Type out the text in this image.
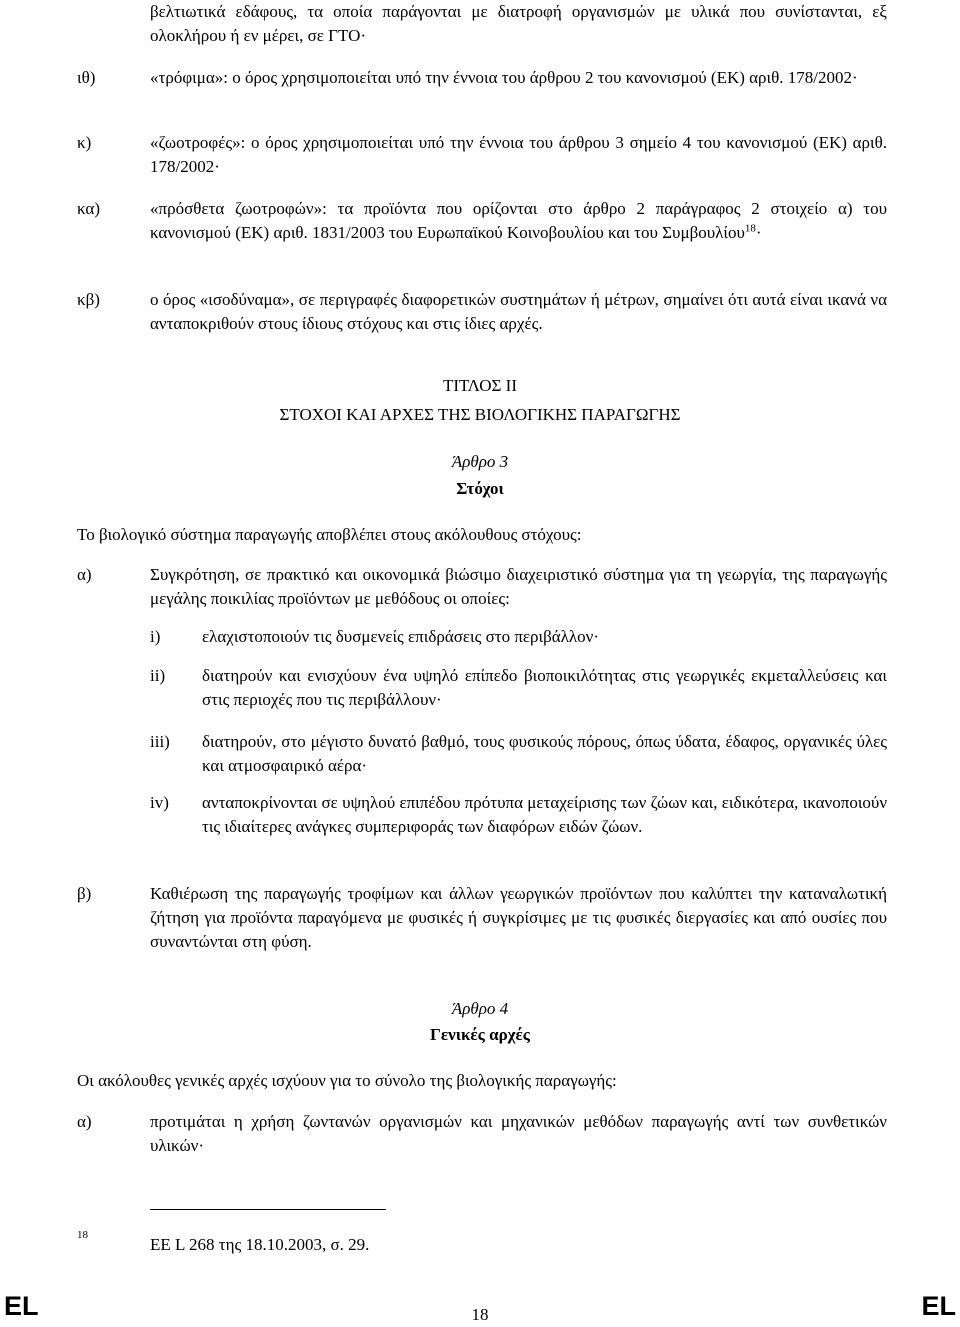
βελτιωτικά εδάφους, τα οποία παράγονται με διατροφή οργανισμών με υλικά που συνίστανται, εξ ολοκλήρου ή εν μέρει, σε ΓΤΟ·
ιθ)	«τρόφιμα»: ο όρος χρησιμοποιείται υπό την έννοια του άρθρου 2 του κανονισμού (ΕΚ) αριθ. 178/2002·
κ)	«ζωοτροφές»: ο όρος χρησιμοποιείται υπό την έννοια του άρθρου 3 σημείο 4 του κανονισμού (ΕΚ) αριθ. 178/2002·
κα)	«πρόσθετα ζωοτροφών»: τα προϊόντα που ορίζονται στο άρθρο 2 παράγραφος 2 στοιχείο α) του κανονισμού (ΕΚ) αριθ. 1831/2003 του Ευρωπαϊκού Κοινοβουλίου και του Συμβουλίου$^{18}$·
κβ)	ο όρος «ισοδύναμα», σε περιγραφές διαφορετικών συστημάτων ή μέτρων, σημαίνει ότι αυτά είναι ικανά να ανταποκριθούν στους ίδιους στόχους και στις ίδιες αρχές.
ΤΙΤΛΟΣ II
ΣΤΟΧΟΙ ΚΑΙ ΑΡΧΕΣ ΤΗΣ ΒΙΟΛΟΓΙΚΗΣ ΠΑΡΑΓΩΓΗΣ
Άρθρο 3
Στόχοι
Το βιολογικό σύστημα παραγωγής αποβλέπει στους ακόλουθους στόχους:
α)	Συγκρότηση, σε πρακτικό και οικονομικά βιώσιμο διαχειριστικό σύστημα για τη γεωργία, της παραγωγής μεγάλης ποικιλίας προϊόντων με μεθόδους οι οποίες:
i) ελαχιστοποιούν τις δυσμενείς επιδράσεις στο περιβάλλον·
ii) διατηρούν και ενισχύουν ένα υψηλό επίπεδο βιοποικιλότητας στις γεωργικές εκμεταλλεύσεις και στις περιοχές που τις περιβάλλουν·
iii) διατηρούν, στο μέγιστο δυνατό βαθμό, τους φυσικούς πόρους, όπως ύδατα, έδαφος, οργανικές ύλες και ατμοσφαιρικό αέρα·
iv) ανταποκρίνονται σε υψηλού επιπέδου πρότυπα μεταχείρισης των ζώων και, ειδικότερα, ικανοποιούν τις ιδιαίτερες ανάγκες συμπεριφοράς των διαφόρων ειδών ζώων.
β)	Καθιέρωση της παραγωγής τροφίμων και άλλων γεωργικών προϊόντων που καλύπτει την καταναλωτική ζήτηση για προϊόντα παραγόμενα με φυσικές ή συγκρίσιμες με τις φυσικές διεργασίες και από ουσίες που συναντώνται στη φύση.
Άρθρο 4
Γενικές αρχές
Οι ακόλουθες γενικές αρχές ισχύουν για το σύνολο της βιολογικής παραγωγής:
α)	προτιμάται η χρήση ζωντανών οργανισμών και μηχανικών μεθόδων παραγωγής αντί των συνθετικών υλικών·
18	ΕΕ L 268 της 18.10.2003, σ. 29.
EL	18	EL
